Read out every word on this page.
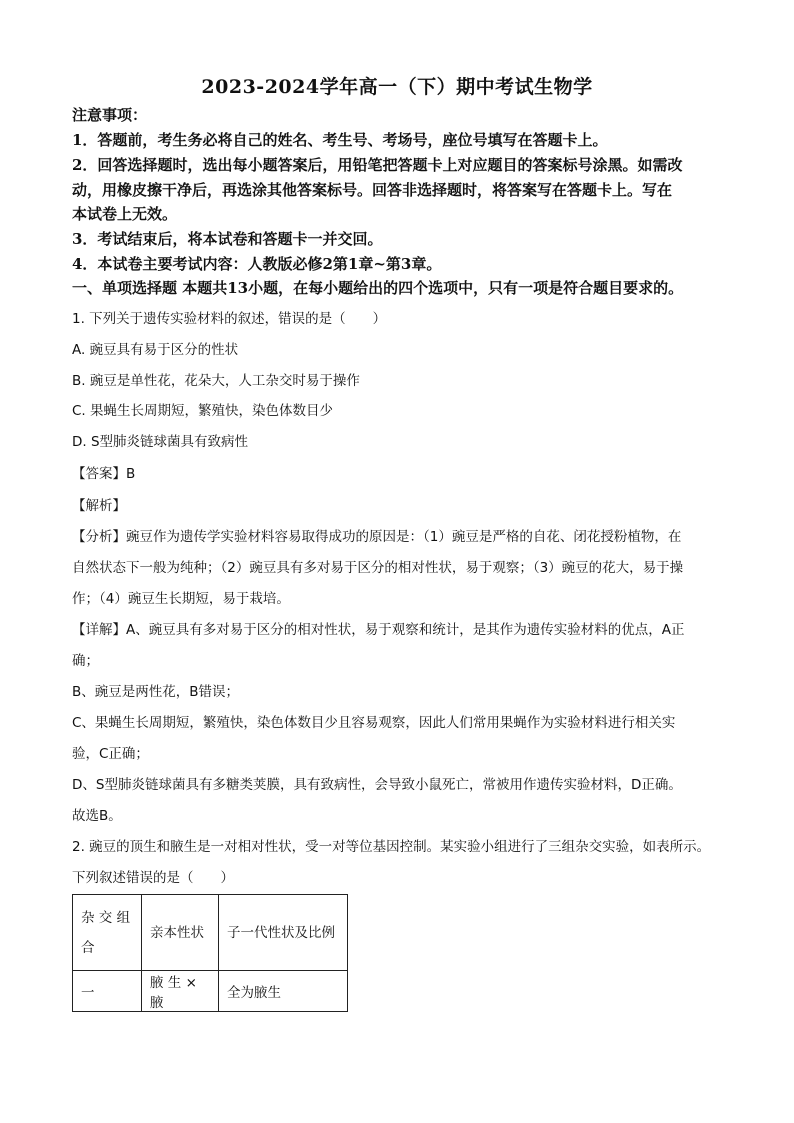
2023-2024学年高一（下）期中考试生物学
注意事项：
1．答题前，考生务必将自己的姓名、考生号、考场号，座位号填写在答题卡上。
2．回答选择题时，选出每小题答案后，用铅笔把答题卡上对应题目的答案标号涂黑。如需改
动，用橡皮擦干净后，再选涂其他答案标号。回答非选择题时，将答案写在答题卡上。写在
本试卷上无效。
3．考试结束后，将本试卷和答题卡一并交回。
4．本试卷主要考试内容：人教版必修2第1章~第3章。
一、单项选择题 本题共13小题，在每小题给出的四个选项中，只有一项是符合题目要求的。
1. 下列关于遗传实验材料的叙述，错误的是（　　）
A. 豌豆具有易于区分的性状
B. 豌豆是单性花，花朵大，人工杂交时易于操作
C. 果蝇生长周期短，繁殖快，染色体数目少
D. S型肺炎链球菌具有致病性
【答案】B
【解析】
【分析】豌豆作为遗传学实验材料容易取得成功的原因是：（1）豌豆是严格的自花、闭花授粉植物，在
自然状态下一般为纯种；（2）豌豆具有多对易于区分的相对性状，易于观察；（3）豌豆的花大，易于操
作；（4）豌豆生长期短，易于栽培。
【详解】A、豌豆具有多对易于区分的相对性状，易于观察和统计，是其作为遗传实验材料的优点，A正
确；
B、豌豆是两性花，B错误；
C、果蝇生长周期短，繁殖快，染色体数目少且容易观察，因此人们常用果蝇作为实验材料进行相关实
验，C正确；
D、S型肺炎链球菌具有多糖类荚膜，具有致病性，会导致小鼠死亡，常被用作遗传实验材料，D正确。
故选B。
2. 豌豆的顶生和腋生是一对相对性状，受一对等位基因控制。某实验小组进行了三组杂交实验，如表所示。
下列叙述错误的是（　　）
杂 交 组 合	亲本性状	子一代性状及比例
一	腋 生 × 腋	全为腋生
